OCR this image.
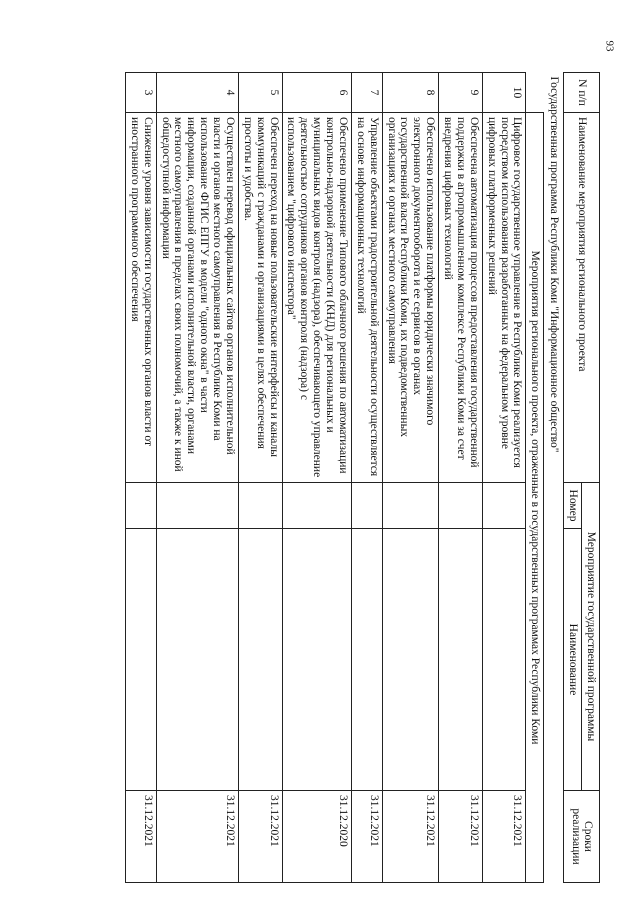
93
N п/п	Наименование мероприятия регионального проекта	Мероприятие государственной программы		Сроки реализации
		Номер	Наименование	
Государственная программа Республики Коми "Информационное общество"				
	Мероприятия регионального проекта, отраженные в государственных программах Республики Коми			
10	Цифровое государственное управление в Республике Коми реализуется посредством использования разработанных на федеральном уровне цифровых платформенных решений			31.12.2021
9	Обеспечена автоматизация процессов предоставления государственной поддержки в агропромышленном комплексе Республики Коми за счет внедрения цифровых технологий			31.12.2021
8	Обеспечено использование платформы юридически значимого электронного документооборота и ее сервисов в органах государственной власти Республики Коми, их подведомственных организациях и органах местного самоуправления			31.12.2021
7	Управление объектами градостроительной деятельности осуществляется на основе информационных технологий			31.12.2021
6	Обеспечено применение Типового облачного решения по автоматизации контрольно-надзорной деятельности (КНД) для региональных и муниципальных видов контроля (надзора), обеспечивающего управление деятельностью сотрудников органов контроля (надзора) с использованием "цифрового инспектора"			31.12.2020
5	Обеспечен переход на новые пользовательские интерфейсы и каналы коммуникаций с гражданами и организациями в целях обеспечения простоты и удобства.			31.12.2021
4	Осуществлен перевод официальных сайтов органов исполнительной власти и органов местного самоуправления в Республике Коми на использование ФГИС ЕПГУ в модели "одного окна" в части информации, созданной органами исполнительной власти, органами местного самоуправления в пределах своих полномочий, а также к иной общедоступной информации			31.12.2021
3	Снижение уровня зависимости государственных органов власти от иностранного программного обеспечения			31.12.2021
